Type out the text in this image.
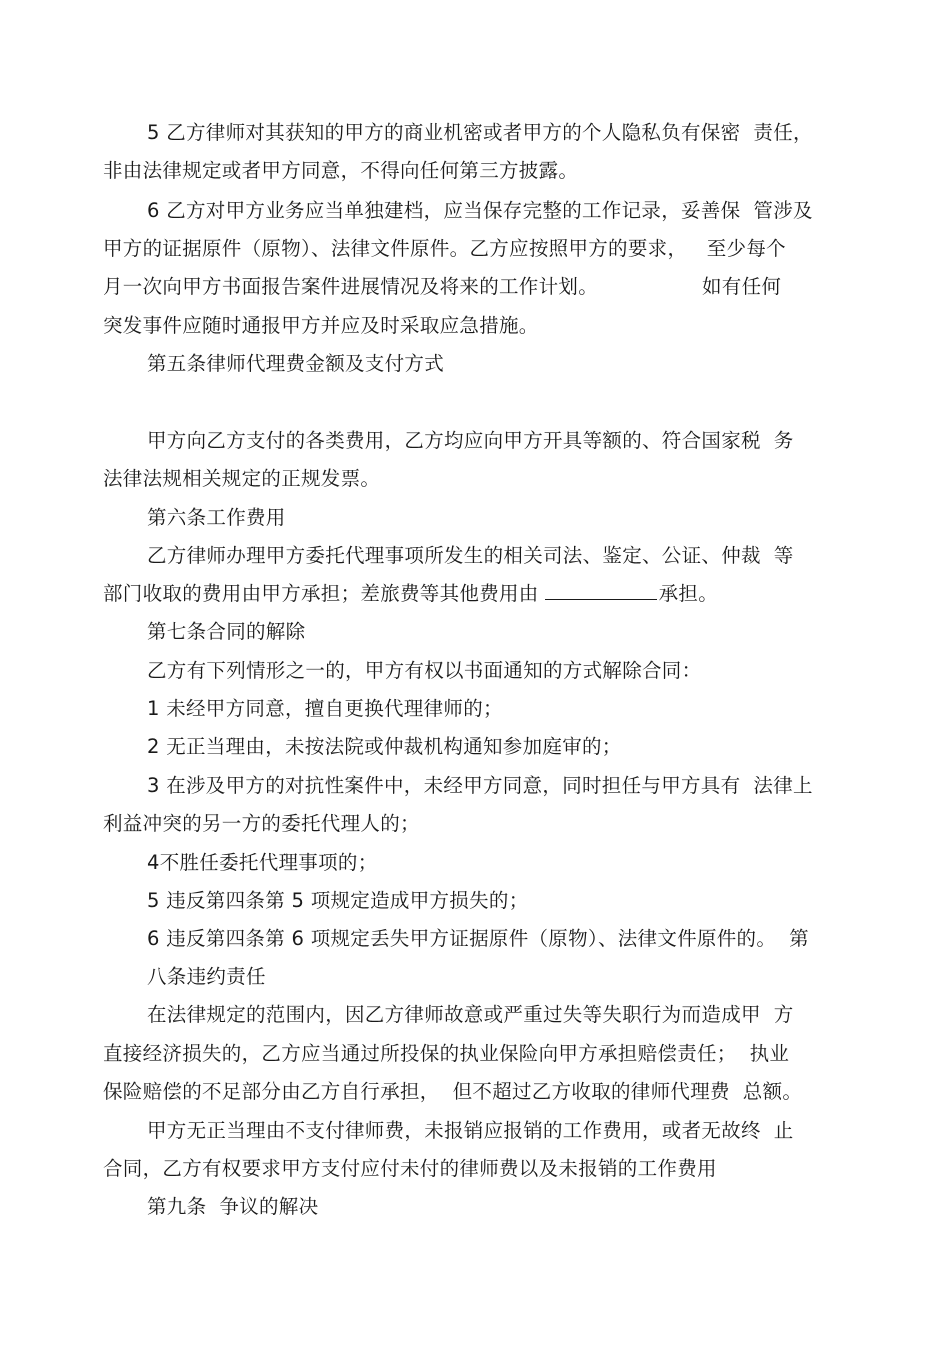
5 乙方律师对其获知的甲方的商业机密或者甲方的个人隐私负有保密  责任，
非由法律规定或者甲方同意，不得向任何第三方披露。
6 乙方对甲方业务应当单独建档，应当保存完整的工作记录，妥善保  管涉及
甲方的证据原件（原物）、法律文件原件。乙方应按照甲方的要求，   至少每个
月一次向甲方书面报告案件进展情况及将来的工作计划。                如有任何
突发事件应随时通报甲方并应及时采取应急措施。
第五条律师代理费金额及支付方式
甲方向乙方支付的各类费用，乙方均应向甲方开具等额的、符合国家税  务
法律法规相关规定的正规发票。
第六条工作费用
乙方律师办理甲方委托代理事项所发生的相关司法、鉴定、公证、仲裁  等
部门收取的费用由甲方承担；差旅费等其他费用由	承担。
第七条合同的解除
乙方有下列情形之一的，甲方有权以书面通知的方式解除合同：
1 未经甲方同意，擅自更换代理律师的；
2 无正当理由，未按法院或仲裁机构通知参加庭审的；
3 在涉及甲方的对抗性案件中，未经甲方同意，同时担任与甲方具有  法律上
利益冲突的另一方的委托代理人的；
4不胜任委托代理事项的；
5 违反第四条第 5 项规定造成甲方损失的；
6 违反第四条第 6 项规定丢失甲方证据原件（原物）、法律文件原件的。  第
八条违约责任
在法律规定的范围内，因乙方律师故意或严重过失等失职行为而造成甲  方
直接经济损失的，乙方应当通过所投保的执业保险向甲方承担赔偿责任；  执业
保险赔偿的不足部分由乙方自行承担，  但不超过乙方收取的律师代理费  总额。
甲方无正当理由不支付律师费，未报销应报销的工作费用，或者无故终  止
合同，乙方有权要求甲方支付应付未付的律师费以及未报销的工作费用
第九条  争议的解决
